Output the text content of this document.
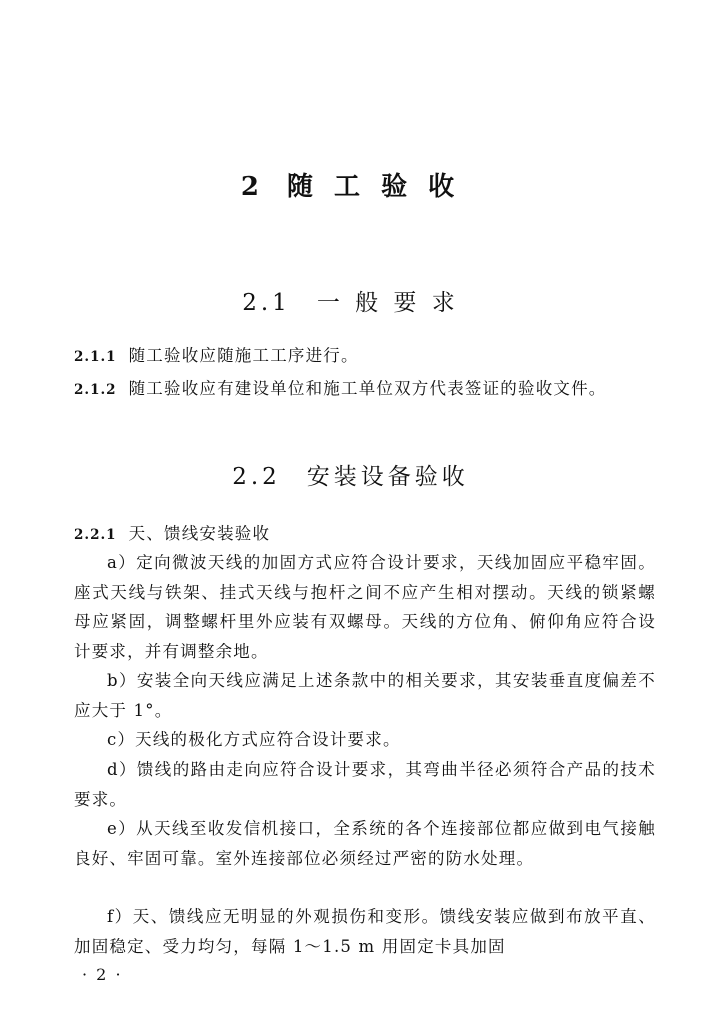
2 随 工 验 收
2.1 一 般 要 求
2.1.1 随工验收应随施工工序进行。
2.1.2 随工验收应有建设单位和施工单位双方代表签证的验收文件。
2.2 安装设备验收
2.2.1 天、馈线安装验收
a）定向微波天线的加固方式应符合设计要求，天线加固应平稳牢固。座式天线与铁架、挂式天线与抱杆之间不应产生相对摆动。天线的锁紧螺母应紧固，调整螺杆里外应装有双螺母。天线的方位角、俯仰角应符合设计要求，并有调整余地。
b）安装全向天线应满足上述条款中的相关要求，其安装垂直度偏差不应大于 1°。
c）天线的极化方式应符合设计要求。
d）馈线的路由走向应符合设计要求，其弯曲半径必须符合产品的技术要求。
e）从天线至收发信机接口，全系统的各个连接部位都应做到电气接触良好、牢固可靠。室外连接部位必须经过严密的防水处理。
f）天、馈线应无明显的外观损伤和变形。馈线安装应做到布放平直、加固稳定、受力均匀，每隔 1～1.5 m 用固定卡具加固
· 2 ·
